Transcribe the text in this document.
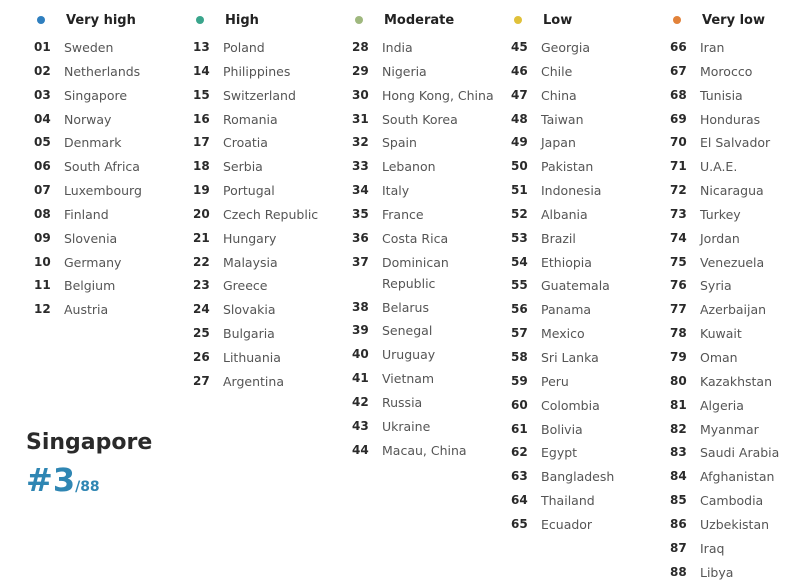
Very high
01	Sweden
02	Netherlands
03	Singapore
04	Norway
05	Denmark
06	South Africa
07	Luxembourg
08	Finland
09	Slovenia
10	Germany
11	Belgium
12	Austria
High
13	Poland
14	Philippines
15	Switzerland
16	Romania
17	Croatia
18	Serbia
19	Portugal
20	Czech Republic
21	Hungary
22	Malaysia
23	Greece
24	Slovakia
25	Bulgaria
26	Lithuania
27	Argentina
Moderate
28	India
29	Nigeria
30	Hong Kong, China
31	South Korea
32	Spain
33	Lebanon
34	Italy
35	France
36	Costa Rica
37	Dominican Republic
38	Belarus
39	Senegal
40	Uruguay
41	Vietnam
42	Russia
43	Ukraine
44	Macau, China
Low
45	Georgia
46	Chile
47	China
48	Taiwan
49	Japan
50	Pakistan
51	Indonesia
52	Albania
53	Brazil
54	Ethiopia
55	Guatemala
56	Panama
57	Mexico
58	Sri Lanka
59	Peru
60	Colombia
61	Bolivia
62	Egypt
63	Bangladesh
64	Thailand
65	Ecuador
Very low
66	Iran
67	Morocco
68	Tunisia
69	Honduras
70	El Salvador
71	U.A.E.
72	Nicaragua
73	Turkey
74	Jordan
75	Venezuela
76	Syria
77	Azerbaijan
78	Kuwait
79	Oman
80	Kazakhstan
81	Algeria
82	Myanmar
83	Saudi Arabia
84	Afghanistan
85	Cambodia
86	Uzbekistan
87	Iraq
88	Libya
Singapore
#3/88
